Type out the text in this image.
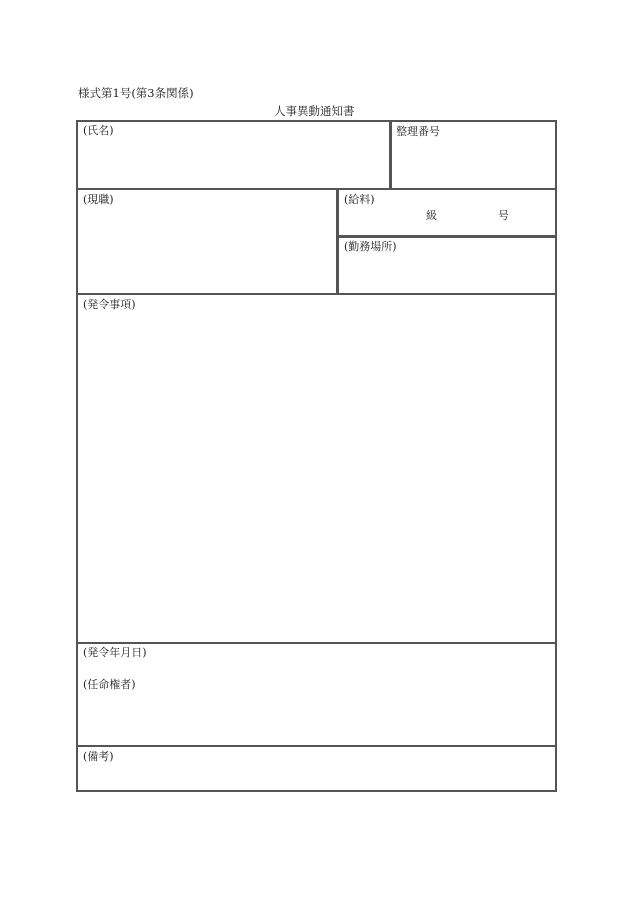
様式第1号(第3条関係)
人事異動通知書
(氏名)	整理番号
(現職)	(給料)
級	号
(勤務場所)
(発令事項)
(発令年月日)
(任命権者)
(備考)
